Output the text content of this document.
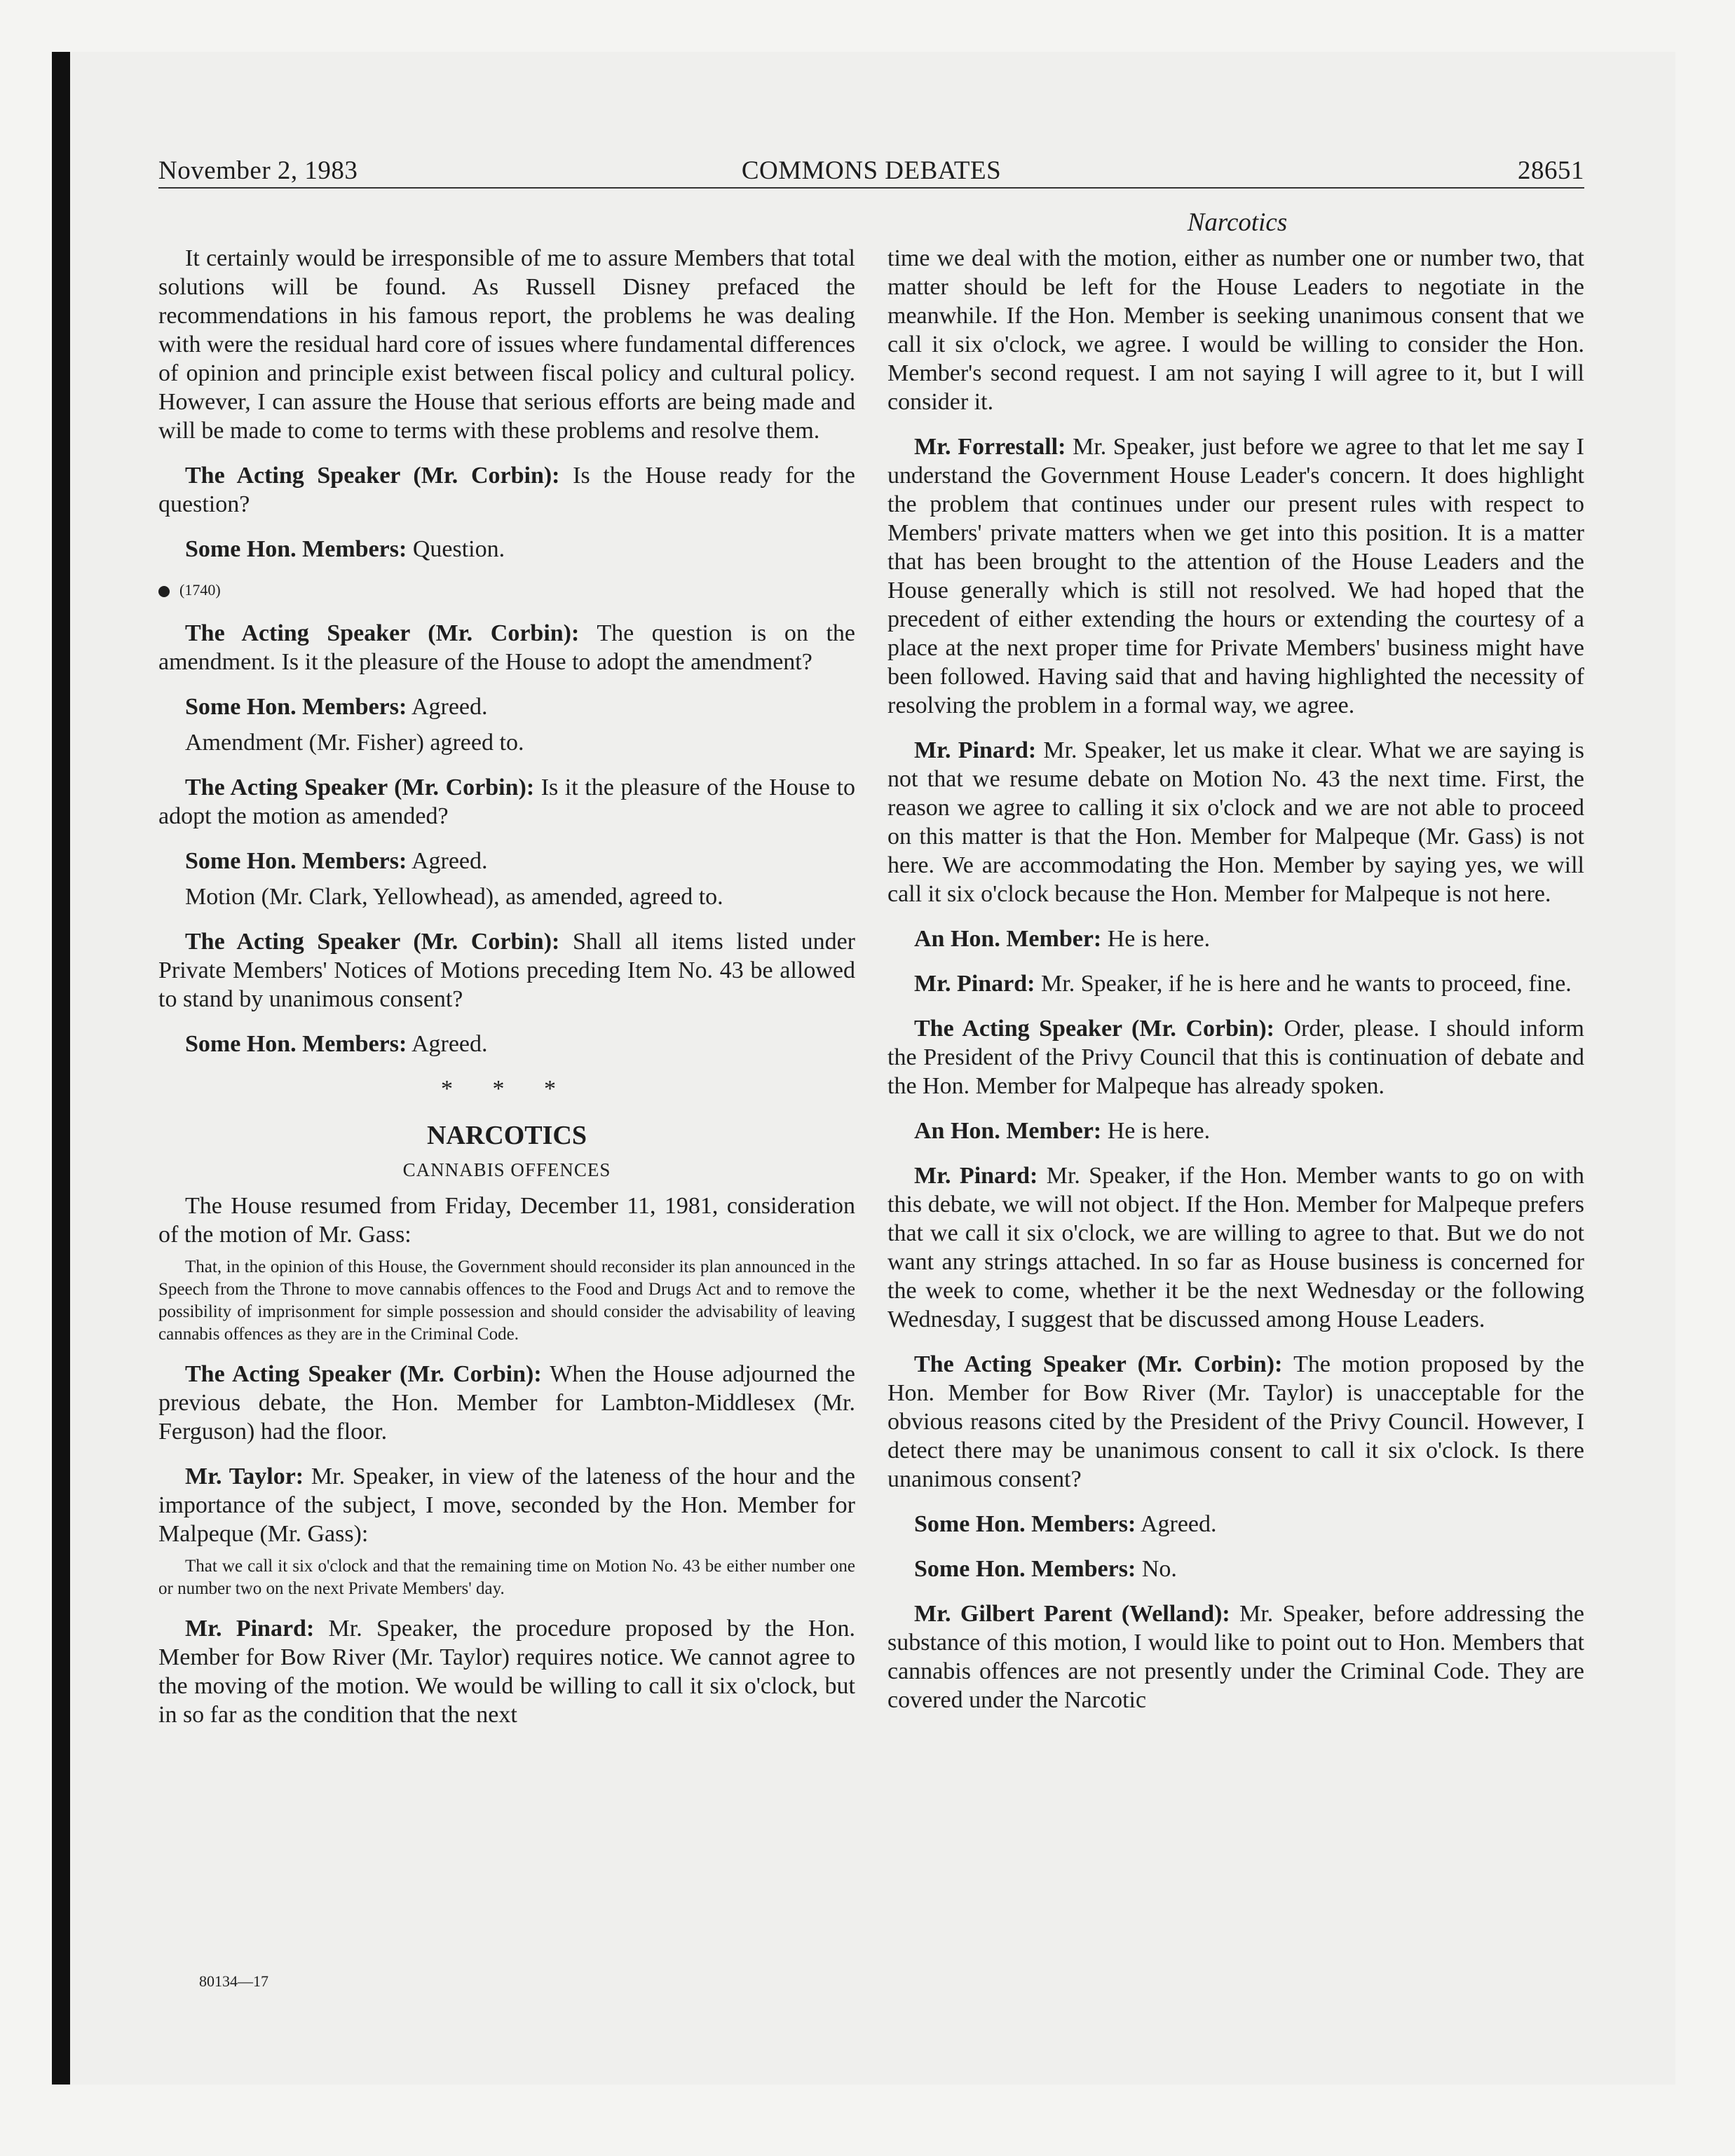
November 2, 1983	COMMONS DEBATES	28651
Narcotics

It certainly would be irresponsible of me to assure Members that total solutions will be found. As Russell Disney prefaced the recommendations in his famous report, the problems he was dealing with were the residual hard core of issues where fundamental differences of opinion and principle exist between fiscal policy and cultural policy. However, I can assure the House that serious efforts are being made and will be made to come to terms with these problems and resolve them.

The Acting Speaker (Mr. Corbin): Is the House ready for the question?

Some Hon. Members: Question.

(1740)

The Acting Speaker (Mr. Corbin): The question is on the amendment. Is it the pleasure of the House to adopt the amendment?

Some Hon. Members: Agreed.

Amendment (Mr. Fisher) agreed to.

The Acting Speaker (Mr. Corbin): Is it the pleasure of the House to adopt the motion as amended?

Some Hon. Members: Agreed.

Motion (Mr. Clark, Yellowhead), as amended, agreed to.

The Acting Speaker (Mr. Corbin): Shall all items listed under Private Members' Notices of Motions preceding Item No. 43 be allowed to stand by unanimous consent?

Some Hon. Members: Agreed.

* * *
NARCOTICS
CANNABIS OFFENCES

The House resumed from Friday, December 11, 1981, consideration of the motion of Mr. Gass:

That, in the opinion of this House, the Government should reconsider its plan announced in the Speech from the Throne to move cannabis offences to the Food and Drugs Act and to remove the possibility of imprisonment for simple possession and should consider the advisability of leaving cannabis offences as they are in the Criminal Code.

The Acting Speaker (Mr. Corbin): When the House adjourned the previous debate, the Hon. Member for Lambton-Middlesex (Mr. Ferguson) had the floor.

Mr. Taylor: Mr. Speaker, in view of the lateness of the hour and the importance of the subject, I move, seconded by the Hon. Member for Malpeque (Mr. Gass):

That we call it six o'clock and that the remaining time on Motion No. 43 be either number one or number two on the next Private Members' day.

Mr. Pinard: Mr. Speaker, the procedure proposed by the Hon. Member for Bow River (Mr. Taylor) requires notice. We cannot agree to the moving of the motion. We would be willing to call it six o'clock, but in so far as the condition that the next

time we deal with the motion, either as number one or number two, that matter should be left for the House Leaders to negotiate in the meanwhile. If the Hon. Member is seeking unanimous consent that we call it six o'clock, we agree. I would be willing to consider the Hon. Member's second request. I am not saying I will agree to it, but I will consider it.

Mr. Forrestall: Mr. Speaker, just before we agree to that let me say I understand the Government House Leader's concern. It does highlight the problem that continues under our present rules with respect to Members' private matters when we get into this position. It is a matter that has been brought to the attention of the House Leaders and the House generally which is still not resolved. We had hoped that the precedent of either extending the hours or extending the courtesy of a place at the next proper time for Private Members' business might have been followed. Having said that and having highlighted the necessity of resolving the problem in a formal way, we agree.

Mr. Pinard: Mr. Speaker, let us make it clear. What we are saying is not that we resume debate on Motion No. 43 the next time. First, the reason we agree to calling it six o'clock and we are not able to proceed on this matter is that the Hon. Member for Malpeque (Mr. Gass) is not here. We are accommodating the Hon. Member by saying yes, we will call it six o'clock because the Hon. Member for Malpeque is not here.

An Hon. Member: He is here.

Mr. Pinard: Mr. Speaker, if he is here and he wants to proceed, fine.

The Acting Speaker (Mr. Corbin): Order, please. I should inform the President of the Privy Council that this is continuation of debate and the Hon. Member for Malpeque has already spoken.

An Hon. Member: He is here.

Mr. Pinard: Mr. Speaker, if the Hon. Member wants to go on with this debate, we will not object. If the Hon. Member for Malpeque prefers that we call it six o'clock, we are willing to agree to that. But we do not want any strings attached. In so far as House business is concerned for the week to come, whether it be the next Wednesday or the following Wednesday, I suggest that be discussed among House Leaders.

The Acting Speaker (Mr. Corbin): The motion proposed by the Hon. Member for Bow River (Mr. Taylor) is unacceptable for the obvious reasons cited by the President of the Privy Council. However, I detect there may be unanimous consent to call it six o'clock. Is there unanimous consent?

Some Hon. Members: Agreed.

Some Hon. Members: No.

Mr. Gilbert Parent (Welland): Mr. Speaker, before addressing the substance of this motion, I would like to point out to Hon. Members that cannabis offences are not presently under the Criminal Code. They are covered under the Narcotic

80134—17
